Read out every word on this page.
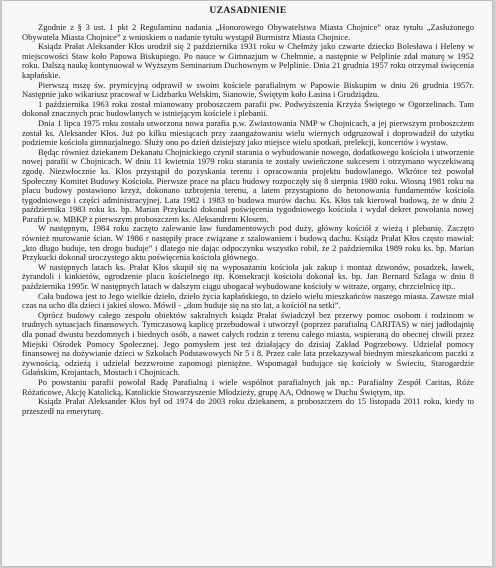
UZASADNIENIE

Zgodnie z § 3 ust. 1 pkt 2 Regulaminu nadania „Honorowego Obywatelstwa Miasta Chojnice” oraz tytułu „Zasłużonego Obywatela Miasta Chojnice” z wnioskiem o nadanie tytułu wystąpił Burmistrz Miasta Chojnice.

Ksiądz Prałat Aleksander Kłos urodził się 2 października 1931 roku w Chełmży jako czwarte dziecko Bolesława i Heleny w miejscowości Staw koło Papowa Biskupiego. Po nauce w Gimnazjum w Chełmnie, a następnie w Pelplinie zdał maturę w 1952 roku. Dalszą naukę kontynuował w Wyższym Seminarium Duchownym w Pelplinie. Dnia 21 grudnia 1957 roku otrzymał święcenia kapłańskie.

Pierwszą mszę św. prymicyjną odprawił w swoim kościele parafialnym w Papowie Biskupim w dniu 26 grudnia 1957r. Następnie jako wikariusz pracował w Lidzbarku Welskim, Sianowie, Świętym koło Łasina i Grudziądzu.

1 października 1963 roku został mianowany proboszczem parafii pw. Podwyższenia Krzyża Świętego w Ogorzelinach. Tam dokonał znacznych prac budowlanych w istniejącym kościele i plebanii.

Dnia 1 lipca 1975 roku została utworzona nowa parafia p.w. Zwiastowania NMP w Chojnicach, a jej pierwszym proboszczem został ks. Aleksander Kłos. Już po kilku miesiącach przy zaangażowaniu wielu wiernych odgruzował i doprowadził do użytku podziemie kościoła gimnazjalnego. Służy ono po dzień dzisiejszy jako miejsce wielu spotkań, prelekcji, koncertów i wystaw.

Będąc również dziekanem Dekanatu Chojnickiego czynił starania o wybudowanie nowego, dodatkowego kościoła i utworzenie nowej parafii w Chojnicach. W dniu 11 kwietnia 1979 roku starania te zostały uwieńczone sukcesem i otrzymano wyczekiwaną zgodę. Niezwłocznie ks. Kłos przystąpił do pozyskania terenu i opracowania projektu budowlanego. Wkrótce też powołał Społeczny Komitet Budowy Kościoła. Pierwsze prace na placu budowy rozpoczęły się 8 sierpnia 1980 roku. Wiosną 1981 roku na placu budowy postawiono krzyż, dokonano uzbrojenia terenu, a latem przystąpiono do betonowania fundamentów kościoła tygodniowego i części administracyjnej. Lata 1982 i 1983 to budowa murów dachu. Ks. Kłos tak kierował budową, że w dniu 2 października 1983 roku ks. bp. Marian Przykucki dokonał poświęcenia tygodniowego kościoła i wydał dekret powołania nowej Parafii p.w. MBKP z pierwszym proboszczem ks. Aleksandrem Kłosem.

W następnym, 1984 roku zaczęto zalewanie ław fundamentowych pod duży, główny kościół z wieżą i plebanię. Zaczęto również murowanie ścian. W 1986 r następiły prace związane z szalowaniem i budową dachu. Ksiądz Prałat Kłos często mawiał: „kto długo buduje, ten drogo buduje” i dlatego nie dając odpoczynku wszystko robił, że 2 października 1989 roku ks. bp. Marian Przykucki dokonał uroczystego aktu poświęcenia kościoła głównego.

W następnych latach ks. Prałat Kłos skupił się na wyposażaniu kościoła jak zakup i montaż dzwonów, posadzek, ławek, żyrandoli i kinkietów, ogrodzenie placu kościelnego itp. Konsekracji kościoła dokonał ks. bp. Jan Bernard Szlaga w dniu 8 października 1995r. W następnych latach w dalszym ciągu ubogacał wybudowane kościoły w witraże, organy, chrzcielnicę itp..

Cała budowa jest to Jego wielkie dzieło, dzieło życia kapłańskiego, to dzieło wielu mieszkańców naszego miasta. Zawsze miał czas na ucho dla dzieci i jakieś słowo. Mówił - „dom buduje się na sto lat, a kościół na setki”.

Oprócz budowy całego zespołu obiektów sakralnych ksiądz Prałat świadczył bez przerwy pomoc osobom i rodzinom w trudnych sytuacjach finansowych. Tymczasową kaplicę przebudował i utworzył (poprzez parafialną CARITAS) w niej jadłodajnię dla ponad dwustu bezdomnych i biednych osób, a nawet całych rodzin z terenu całego miasta, wspieraną do obecnej chwili przez Miejski Ośrodek Pomocy Społecznej. Jego pomysłem jest też działający do dzisiaj Zakład Pogrzebowy. Udzielał pomocy finansowej na dożywianie dzieci w Szkołach Podstawowych Nr 5 i 8. Przez całe lata przekazywał biednym mieszkańcom paczki z żywnością, odzieżą i udzielał bezzwrotne zapomogi pieniężne. Wspomagał budujące się kościoły w Świeciu, Starogardzie Gdańskim, Krojantach, Mostach i Chojnicach.

Po powstaniu parafii powołał Radę Parafialną i wiele wspólnot parafialnych jak np.: Parafialny Zespół Caritas, Róże Różańcowe, Akcję Katolicką, Katolickie Stowarzyszenie Młodzieży, grupę AA, Odnowę w Duchu Świętym, itp.

Ksiądz Prałat Aleksander Kłos był od 1974 do 2003 roku dziekanem, a proboszczem do 15 listopada 2011 roku, kiedy to przeszedł na emeryturę.
